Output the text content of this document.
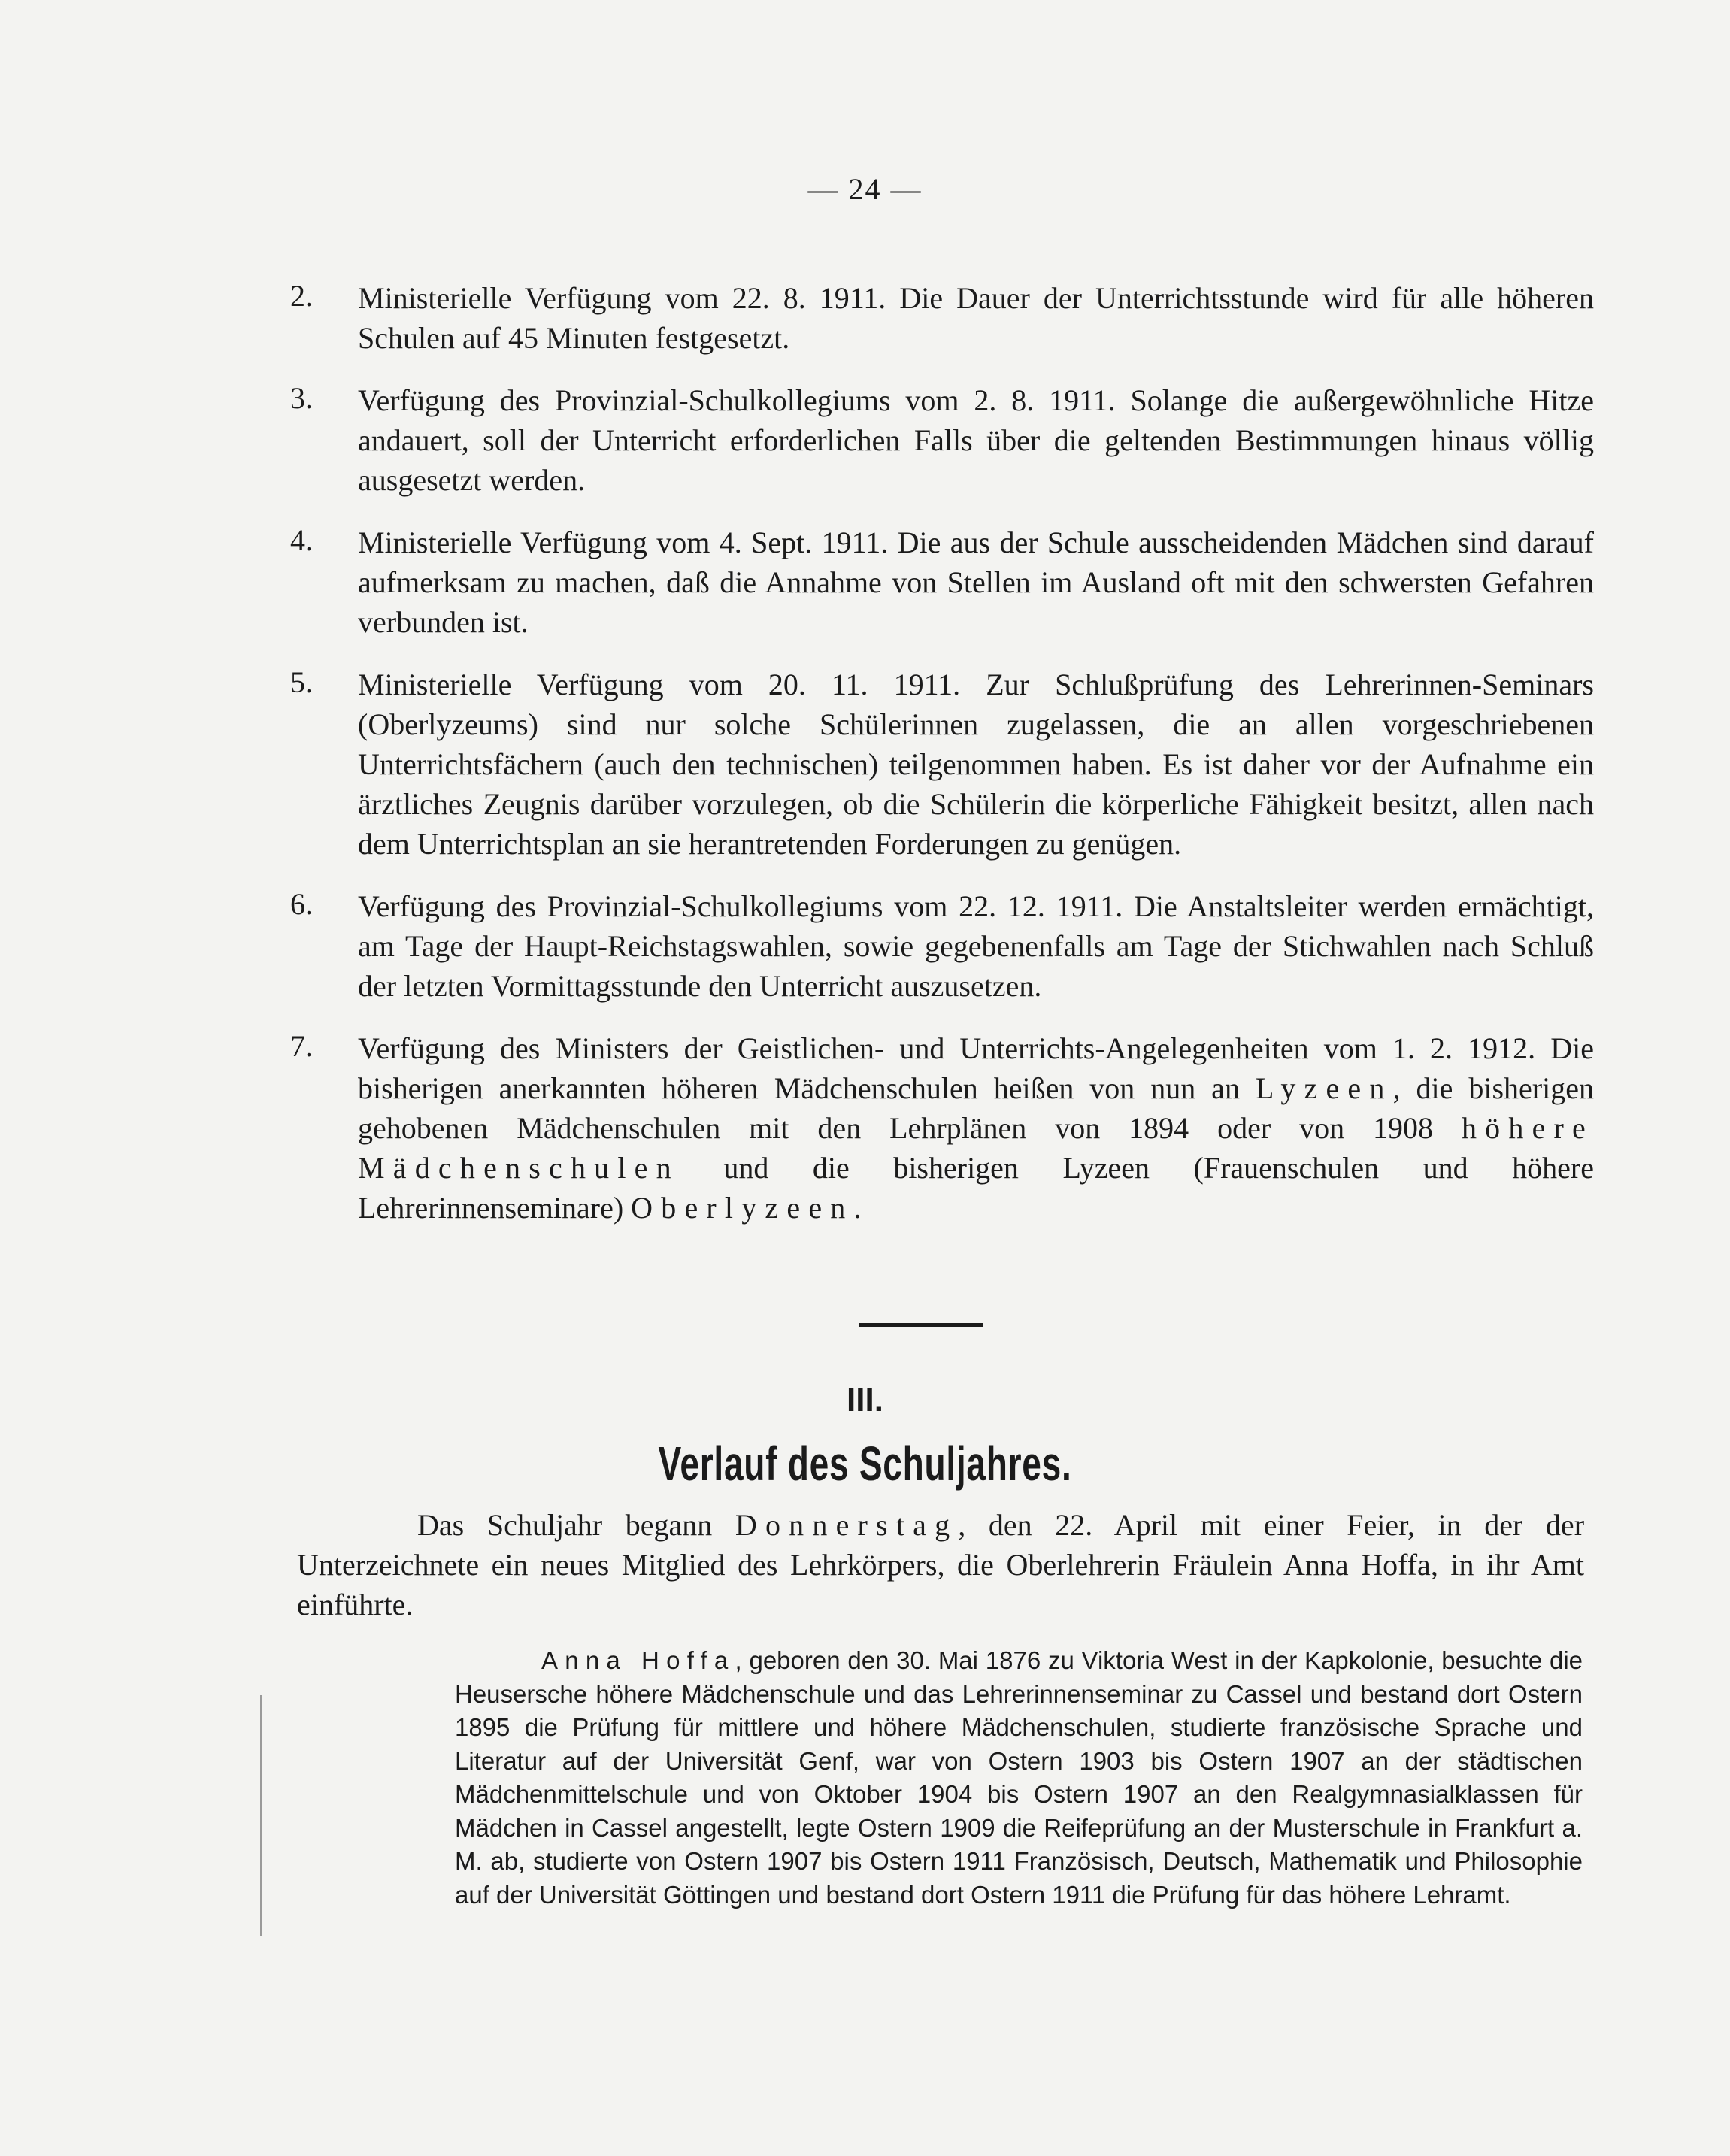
— 24 —
2. Ministerielle Verfügung vom 22. 8. 1911. Die Dauer der Unterrichtsstunde wird für alle höheren Schulen auf 45 Minuten festgesetzt.
3. Verfügung des Provinzial-Schulkollegiums vom 2. 8. 1911. Solange die außergewöhnliche Hitze andauert, soll der Unterricht erforderlichen Falls über die geltenden Bestimmungen hinaus völlig ausgesetzt werden.
4. Ministerielle Verfügung vom 4. Sept. 1911. Die aus der Schule ausscheidenden Mädchen sind darauf aufmerksam zu machen, daß die Annahme von Stellen im Ausland oft mit den schwersten Gefahren verbunden ist.
5. Ministerielle Verfügung vom 20. 11. 1911. Zur Schlußprüfung des Lehrerinnen-Seminars (Oberlyzeums) sind nur solche Schülerinnen zugelassen, die an allen vorgeschriebenen Unterrichtsfächern (auch den technischen) teilgenommen haben. Es ist daher vor der Aufnahme ein ärztliches Zeugnis darüber vorzulegen, ob die Schülerin die körperliche Fähigkeit besitzt, allen nach dem Unterrichtsplan an sie herantretenden Forderungen zu genügen.
6. Verfügung des Provinzial-Schulkollegiums vom 22. 12. 1911. Die Anstaltsleiter werden ermächtigt, am Tage der Haupt-Reichstagswahlen, sowie gegebenenfalls am Tage der Stichwahlen nach Schluß der letzten Vormittagsstunde den Unterricht auszusetzen.
7. Verfügung des Ministers der Geistlichen- und Unterrichts-Angelegenheiten vom 1. 2. 1912. Die bisherigen anerkannten höheren Mädchenschulen heißen von nun an Lyzeen, die bisherigen gehobenen Mädchenschulen mit den Lehrplänen von 1894 oder von 1908 höhere Mädchenschulen und die bisherigen Lyzeen (Frauenschulen und höhere Lehrerinnenseminare) Oberlyzeen.
III.
Verlauf des Schuljahres.
Das Schuljahr begann Donnerstag, den 22. April mit einer Feier, in der der Unterzeichnete ein neues Mitglied des Lehrkörpers, die Oberlehrerin Fräulein Anna Hoffa, in ihr Amt einführte.
Anna Hoffa, geboren den 30. Mai 1876 zu Viktoria West in der Kapkolonie, besuchte die Heusersche höhere Mädchenschule und das Lehrerinnenseminar zu Cassel und bestand dort Ostern 1895 die Prüfung für mittlere und höhere Mädchenschulen, studierte französische Sprache und Literatur auf der Universität Genf, war von Ostern 1903 bis Ostern 1907 an der städtischen Mädchenmittelschule und von Oktober 1904 bis Ostern 1907 an den Realgymnasialklassen für Mädchen in Cassel angestellt, legte Ostern 1909 die Reifeprüfung an der Musterschule in Frankfurt a. M. ab, studierte von Ostern 1907 bis Ostern 1911 Französisch, Deutsch, Mathematik und Philosophie auf der Universität Göttingen und bestand dort Ostern 1911 die Prüfung für das höhere Lehramt.
